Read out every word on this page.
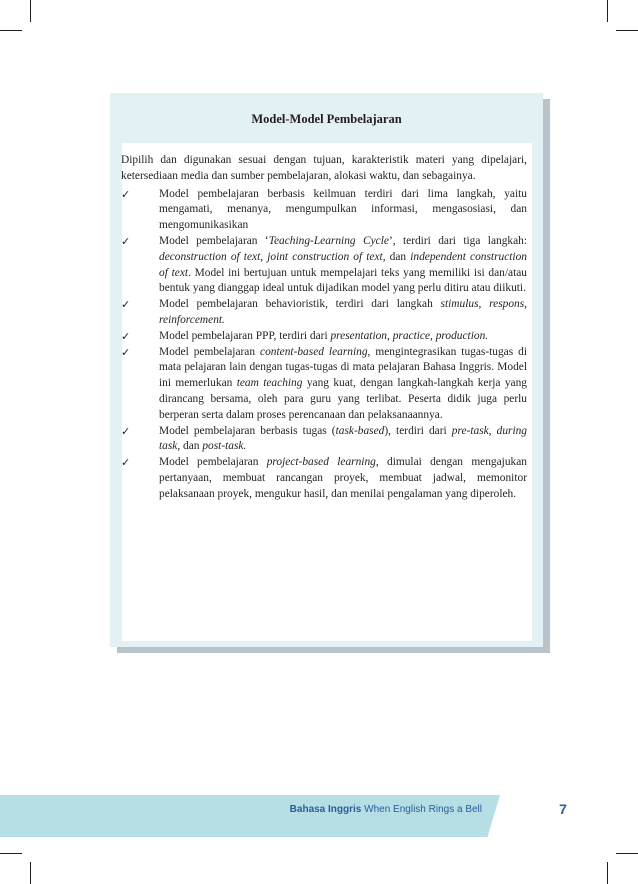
Model-Model Pembelajaran

Dipilih dan digunakan sesuai dengan tujuan, karakteristik materi yang dipelajari, ketersediaan media dan sumber pembelajaran, alokasi waktu, dan sebagainya.

✓	Model pembelajaran berbasis keilmuan terdiri dari lima langkah, yaitu mengamati, menanya, mengumpulkan informasi, mengasosiasi, dan mengomunikasikan
✓	Model pembelajaran ‘Teaching-Learning Cycle’, terdiri dari tiga langkah: deconstruction of text, joint construction of text, dan independent construction of text. Model ini bertujuan untuk mempelajari teks yang memiliki isi dan/atau bentuk yang dianggap ideal untuk dijadikan model yang perlu ditiru atau diikuti.
✓	Model pembelajaran behavioristik, terdiri dari langkah stimulus, respons, reinforcement.
✓	Model pembelajaran PPP, terdiri dari presentation, practice, production.
✓	Model pembelajaran content-based learning, mengintegrasikan tugas-tugas di mata pelajaran lain dengan tugas-tugas di mata pelajaran Bahasa Inggris. Model ini memerlukan team teaching yang kuat, dengan langkah-langkah kerja yang dirancang bersama, oleh para guru yang terlibat. Peserta didik juga perlu berperan serta dalam proses perencanaan dan pelaksanaannya.
✓	Model pembelajaran berbasis tugas (task-based), terdiri dari pre-task, during task, dan post-task.
✓	Model pembelajaran project-based learning, dimulai dengan mengajukan pertanyaan, membuat rancangan proyek, membuat jadwal, memonitor pelaksanaan proyek, mengukur hasil, dan menilai pengalaman yang diperoleh.
Bahasa Inggris When English Rings a Bell	7
